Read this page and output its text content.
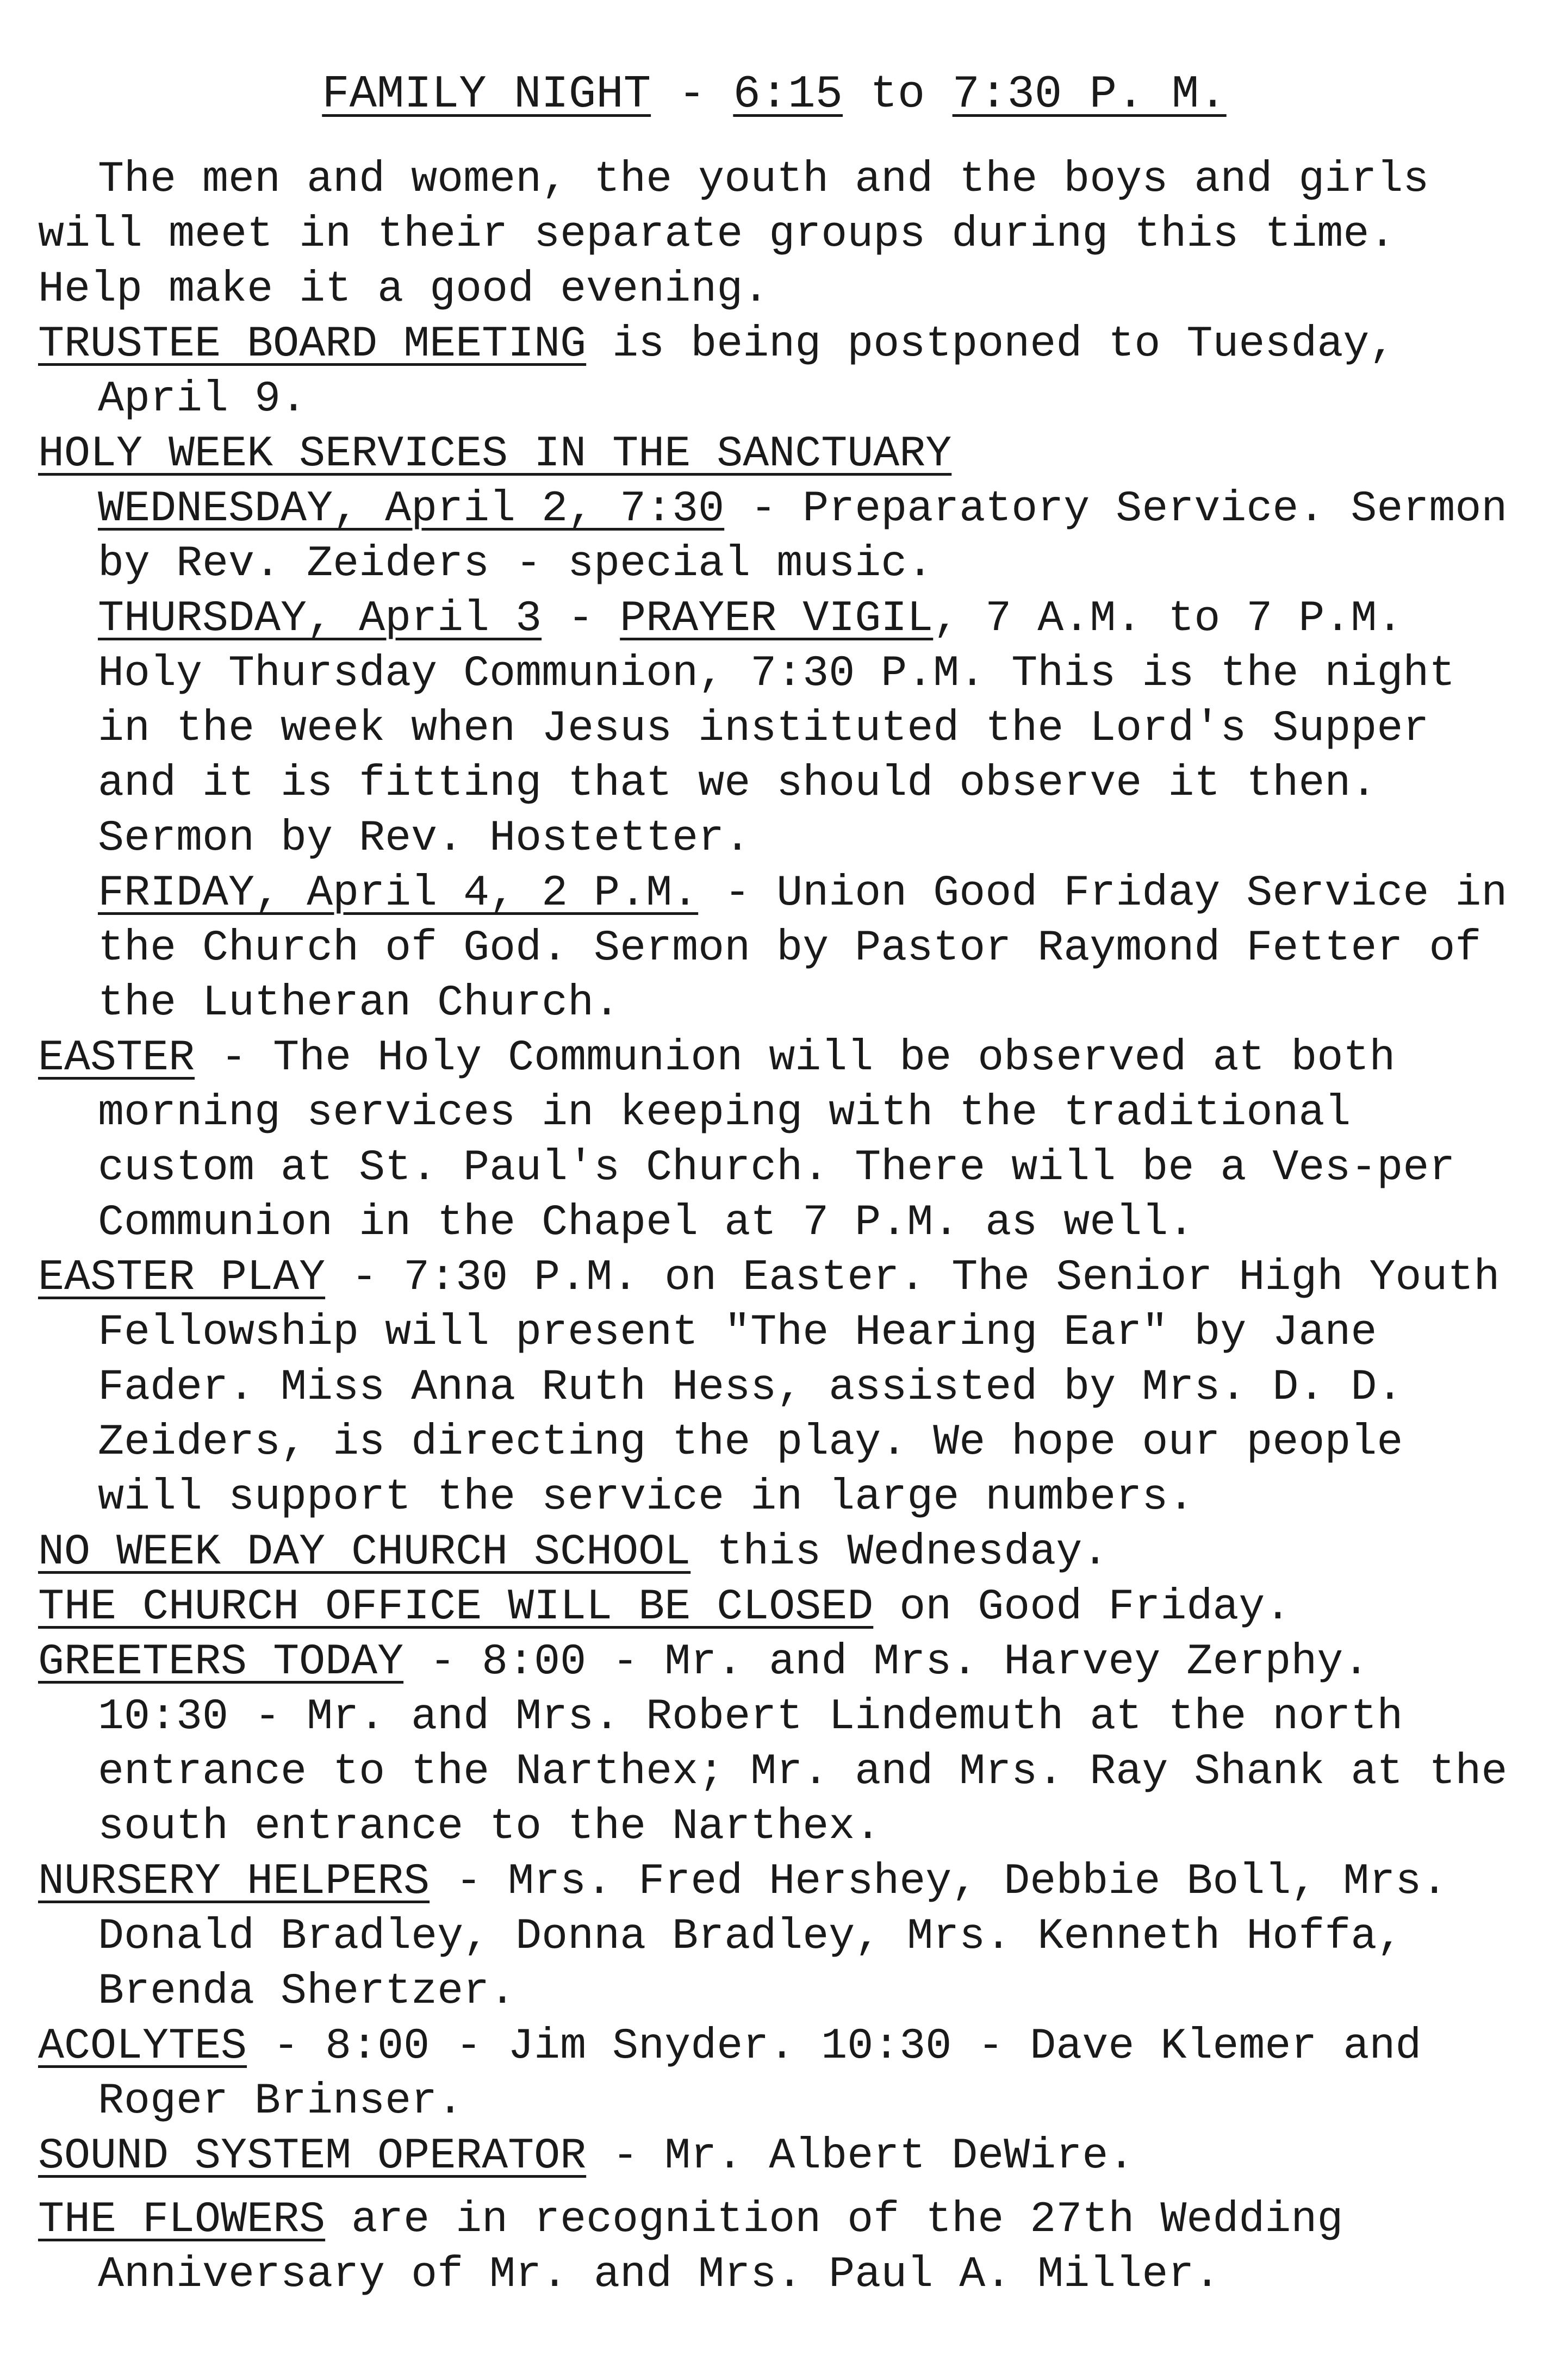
FAMILY NIGHT - 6:15 to 7:30 P. M.

The men and women, the youth and the boys and girls will meet in their separate groups during this time. Help make it a good evening.

TRUSTEE BOARD MEETING is being postponed to Tuesday, April 9.

HOLY WEEK SERVICES IN THE SANCTUARY

WEDNESDAY, April 2, 7:30 - Preparatory Service. Sermon by Rev. Zeiders - special music.

THURSDAY, April 3 - PRAYER VIGIL, 7 A.M. to 7 P.M. Holy Thursday Communion, 7:30 P.M. This is the night in the week when Jesus instituted the Lord's Supper and it is fitting that we should observe it then. Sermon by Rev. Hostetter.

FRIDAY, April 4, 2 P.M. - Union Good Friday Service in the Church of God. Sermon by Pastor Raymond Fetter of the Lutheran Church.

EASTER - The Holy Communion will be observed at both morning services in keeping with the traditional custom at St. Paul's Church. There will be a Ves-per Communion in the Chapel at 7 P.M. as well.

EASTER PLAY - 7:30 P.M. on Easter. The Senior High Youth Fellowship will present "The Hearing Ear" by Jane Fader. Miss Anna Ruth Hess, assisted by Mrs. D. D. Zeiders, is directing the play. We hope our people will support the service in large numbers.

NO WEEK DAY CHURCH SCHOOL this Wednesday.

THE CHURCH OFFICE WILL BE CLOSED on Good Friday.

GREETERS TODAY - 8:00 - Mr. and Mrs. Harvey Zerphy. 10:30 - Mr. and Mrs. Robert Lindemuth at the north entrance to the Narthex; Mr. and Mrs. Ray Shank at the south entrance to the Narthex.

NURSERY HELPERS - Mrs. Fred Hershey, Debbie Boll, Mrs. Donald Bradley, Donna Bradley, Mrs. Kenneth Hoffa, Brenda Shertzer.

ACOLYTES - 8:00 - Jim Snyder. 10:30 - Dave Klemer and Roger Brinser.

SOUND SYSTEM OPERATOR - Mr. Albert DeWire.

THE FLOWERS are in recognition of the 27th Wedding Anniversary of Mr. and Mrs. Paul A. Miller.
